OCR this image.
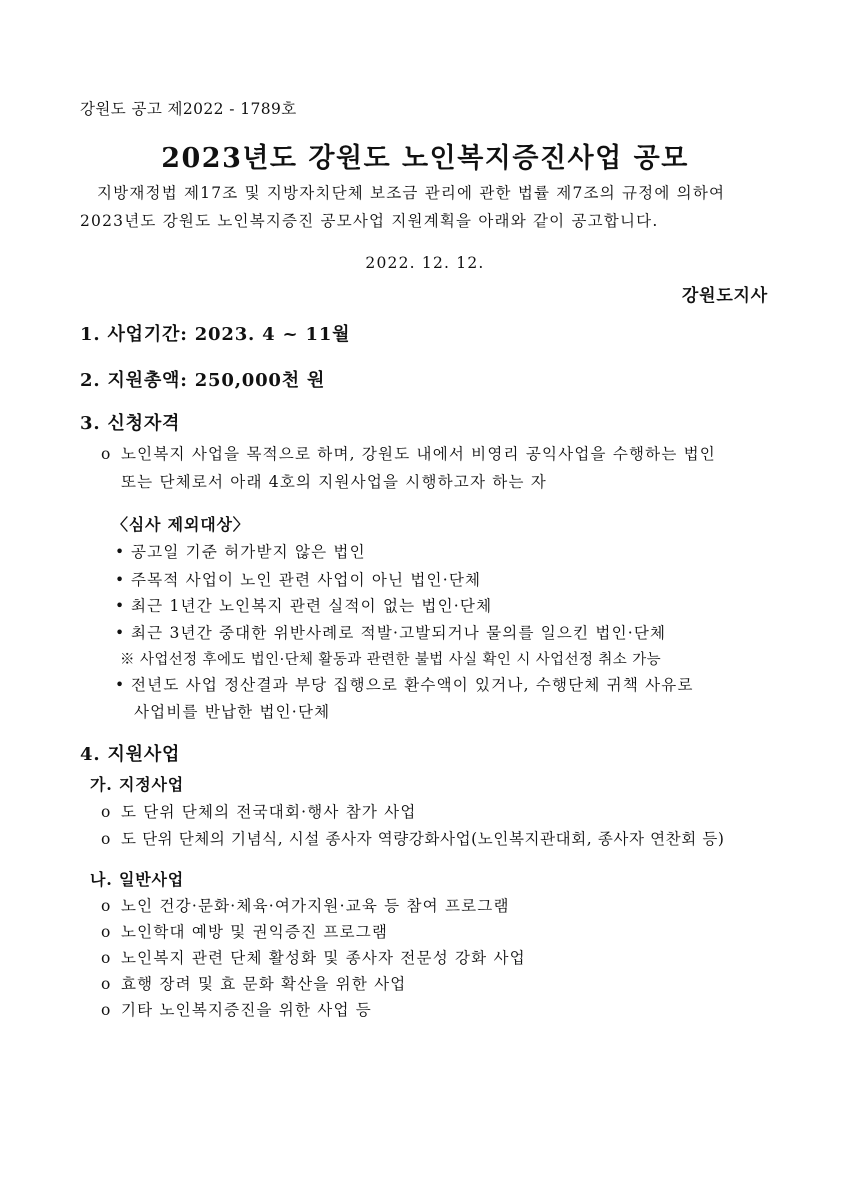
강원도 공고 제2022 - 1789호
2023년도 강원도 노인복지증진사업 공모
지방재정법 제17조 및 지방자치단체 보조금 관리에 관한 법률 제7조의 규정에 의하여
2023년도 강원도 노인복지증진 공모사업 지원계획을 아래와 같이 공고합니다.
2022. 12. 12.
강원도지사
1. 사업기간: 2023. 4 ~ 11월
2. 지원총액: 250,000천 원
3. 신청자격
o 노인복지 사업을 목적으로 하며, 강원도 내에서 비영리 공익사업을 수행하는 법인
또는 단체로서 아래 4호의 지원사업을 시행하고자 하는 자
〈심사 제외대상〉
• 공고일 기준 허가받지 않은 법인
• 주목적 사업이 노인 관련 사업이 아닌 법인·단체
• 최근 1년간 노인복지 관련 실적이 없는 법인·단체
• 최근 3년간 중대한 위반사례로 적발·고발되거나 물의를 일으킨 법인·단체
※ 사업선정 후에도 법인·단체 활동과 관련한 불법 사실 확인 시 사업선정 취소 가능
• 전년도 사업 정산결과 부당 집행으로 환수액이 있거나, 수행단체 귀책 사유로
사업비를 반납한 법인·단체
4. 지원사업
가. 지정사업
o 도 단위 단체의 전국대회·행사 참가 사업
o 도 단위 단체의 기념식, 시설 종사자 역량강화사업(노인복지관대회, 종사자 연찬회 등)
나. 일반사업
o 노인 건강·문화·체육·여가지원·교육 등 참여 프로그램
o 노인학대 예방 및 권익증진 프로그램
o 노인복지 관련 단체 활성화 및 종사자 전문성 강화 사업
o 효행 장려 및 효 문화 확산을 위한 사업
o 기타 노인복지증진을 위한 사업 등
